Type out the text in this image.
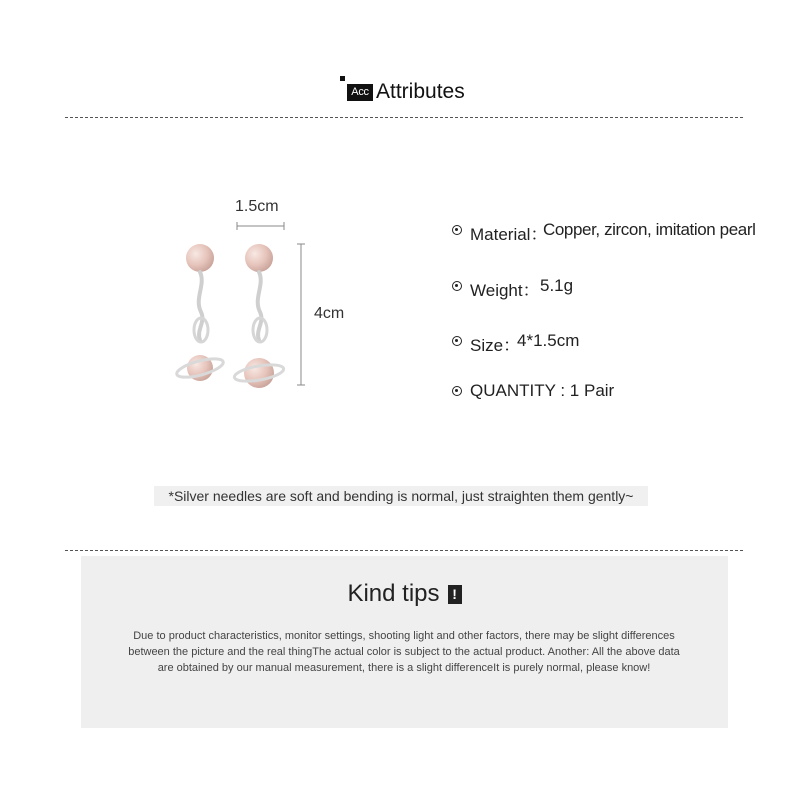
Acc Attributes
1.5cm
4cm
Material：
Copper, zircon, imitation pearl
Weight： 5.1g
Size：
4*1.5cm
QUANTITY : 1 Pair
*Silver needles are soft and bending is normal, just straighten them gently~
Kind tips !
Due to product characteristics, monitor settings, shooting light and other factors, there may be slight differences between the picture and the real thingThe actual color is subject to the actual product. Another: All the above data are obtained by our manual measurement, there is a slight differenceIt is purely normal, please know!
